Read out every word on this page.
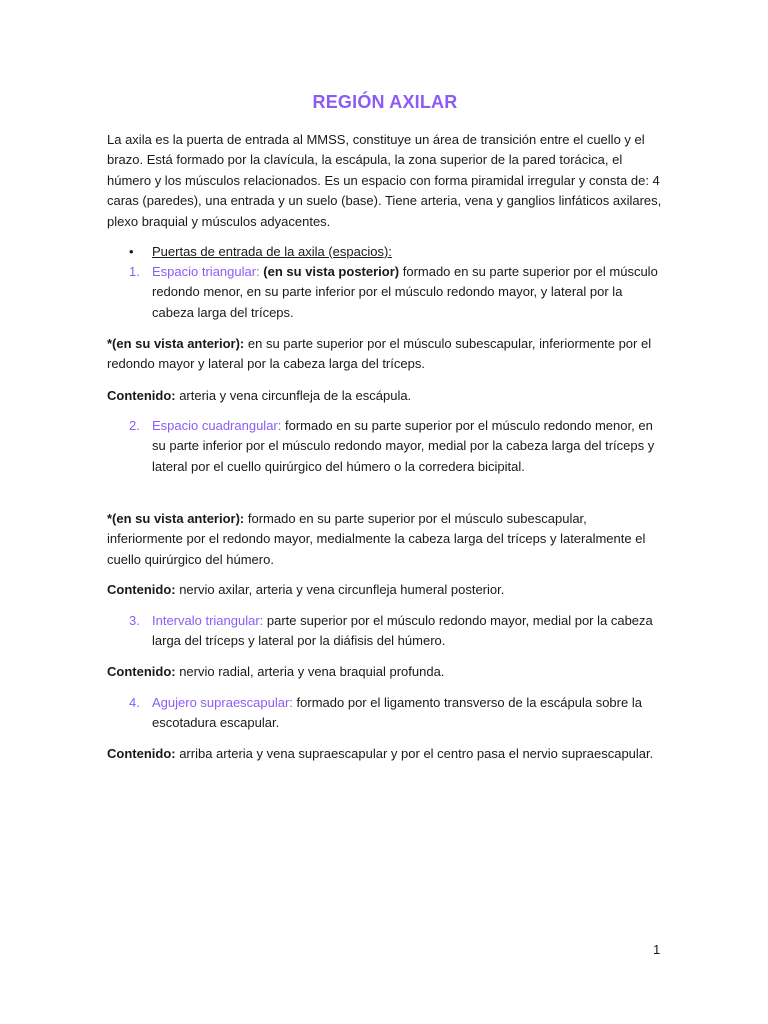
REGIÓN AXILAR
La axila es la puerta de entrada al MMSS, constituye un área de transición entre el cuello y el brazo. Está formado por la clavícula, la escápula, la zona superior de la pared torácica, el húmero y los músculos relacionados. Es un espacio con forma piramidal irregular y consta de: 4 caras (paredes), una entrada y un suelo (base). Tiene arteria, vena y ganglios linfáticos axilares, plexo braquial y músculos adyacentes.
• Puertas de entrada de la axila (espacios):
1. Espacio triangular: (en su vista posterior) formado en su parte superior por el músculo redondo menor, en su parte inferior por el músculo redondo mayor, y lateral por la cabeza larga del tríceps.
*(en su vista anterior): en su parte superior por el músculo subescapular, inferiormente por el redondo mayor y lateral por la cabeza larga del tríceps.
Contenido: arteria y vena circunflejа de la escápula.
2. Espacio cuadrangular: formado en su parte superior por el músculo redondo menor, en su parte inferior por el músculo redondo mayor, medial por la cabeza larga del tríceps y lateral por el cuello quirúrgico del húmero o la corredera bicipital.
*(en su vista anterior): formado en su parte superior por el músculo subescapular, inferiormente por el redondo mayor, medialmente la cabeza larga del tríceps y lateralmente el cuello quirúrgico del húmero.
Contenido: nervio axilar, arteria y vena circunfleja humeral posterior.
3. Intervalo triangular: parte superior por el músculo redondo mayor, medial por la cabeza larga del tríceps y lateral por la diáfisis del húmero.
Contenido: nervio radial, arteria y vena braquial profunda.
4. Agujero supraescapular: formado por el ligamento transverso de la escápula sobre la escotadura escapular.
Contenido: arriba arteria y vena supraescapular y por el centro pasa el nervio supraescapular.
1
